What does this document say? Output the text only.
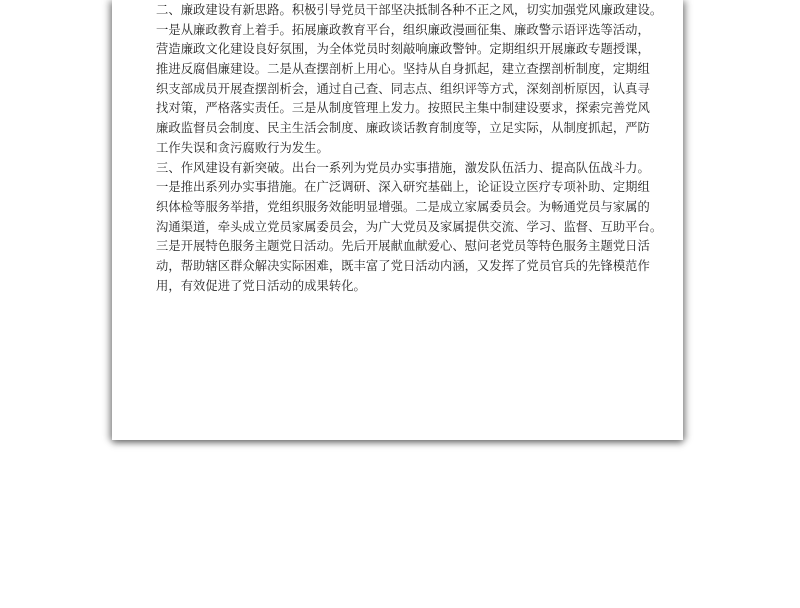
二、廉政建设有新思路。积极引导党员干部坚决抵制各种不正之风，切实加强党风廉政建设。
一是从廉政教育上着手。拓展廉政教育平台，组织廉政漫画征集、廉政警示语评选等活动，
营造廉政文化建设良好氛围，为全体党员时刻敲响廉政警钟。定期组织开展廉政专题授课，
推进反腐倡廉建设。二是从查摆剖析上用心。坚持从自身抓起，建立查摆剖析制度，定期组
织支部成员开展查摆剖析会，通过自己查、同志点、组织评等方式，深刻剖析原因，认真寻
找对策，严格落实责任。三是从制度管理上发力。按照民主集中制建设要求，探索完善党风
廉政监督员会制度、民主生活会制度、廉政谈话教育制度等，立足实际，从制度抓起，严防
工作失误和贪污腐败行为发生。
三、作风建设有新突破。出台一系列为党员办实事措施，激发队伍活力、提高队伍战斗力。
一是推出系列办实事措施。在广泛调研、深入研究基础上，论证设立医疗专项补助、定期组
织体检等服务举措，党组织服务效能明显增强。二是成立家属委员会。为畅通党员与家属的
沟通渠道，牵头成立党员家属委员会，为广大党员及家属提供交流、学习、监督、互助平台。
三是开展特色服务主题党日活动。先后开展献血献爱心、慰问老党员等特色服务主题党日活
动，帮助辖区群众解决实际困难，既丰富了党日活动内涵，又发挥了党员官兵的先锋模范作
用，有效促进了党日活动的成果转化。
